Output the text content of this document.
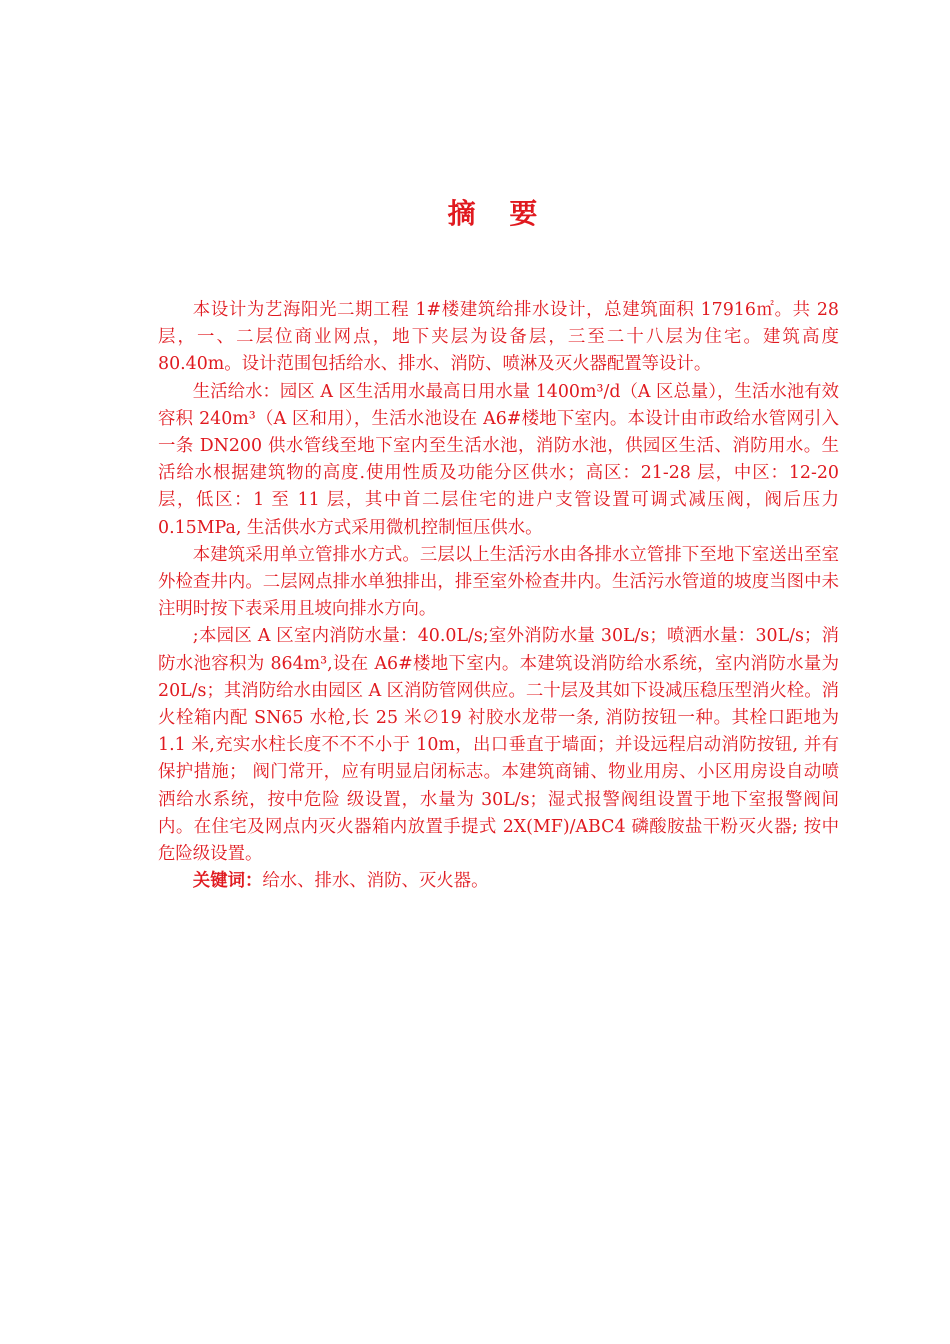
摘 要

本设计为艺海阳光二期工程 1#楼建筑给排水设计，总建筑面积 17916㎡。共 28 层，一、二层位商业网点，地下夹层为设备层，三至二十八层为住宅。建筑高度 80.40m。设计范围包括给水、排水、消防、喷淋及灭火器配置等设计。

生活给水：园区 A 区生活用水最高日用水量 1400m³/d（A 区总量），生活水池有效容积 240m³（A 区和用），生活水池设在 A6#楼地下室内。本设计由市政给水管网引入一条 DN200 供水管线至地下室内至生活水池，消防水池，供园区生活、消防用水。生活给水根据建筑物的高度.使用性质及功能分区供水；高区：21-28 层，中区：12-20 层，低区：1 至 11 层，其中首二层住宅的进户支管设置可调式减压阀，阀后压力 0.15MPa, 生活供水方式采用微机控制恒压供水。

本建筑采用单立管排水方式。三层以上生活污水由各排水立管排下至地下室送出至室外检查井内。二层网点排水单独排出，排至室外检查井内。生活污水管道的坡度当图中未注明时按下表采用且坡向排水方向。

;本园区 A 区室内消防水量：40.0L/s;室外消防水量 30L/s；喷洒水量：30L/s；消防水池容积为 864m³,设在 A6#楼地下室内。本建筑设消防给水系统，室内消防水量为 20L/s；其消防给水由园区 A 区消防管网供应。二十层及其如下设减压稳压型消火栓。消火栓箱内配 SN65 水枪,长 25 米∅19 衬胶水龙带一条, 消防按钮一种。其栓口距地为 1.1 米,充实水柱长度不不不小于 10m，出口垂直于墙面；并设远程启动消防按钮, 并有保护措施； 阀门常开，应有明显启闭标志。本建筑商铺、物业用房、小区用房设自动喷洒给水系统，按中危险 级设置，水量为 30L/s；湿式报警阀组设置于地下室报警阀间内。在住宅及网点内灭火器箱内放置手提式 2X(MF)/ABC4 磷酸胺盐干粉灭火器; 按中危险级设置。

关键词：给水、排水、消防、灭火器。
